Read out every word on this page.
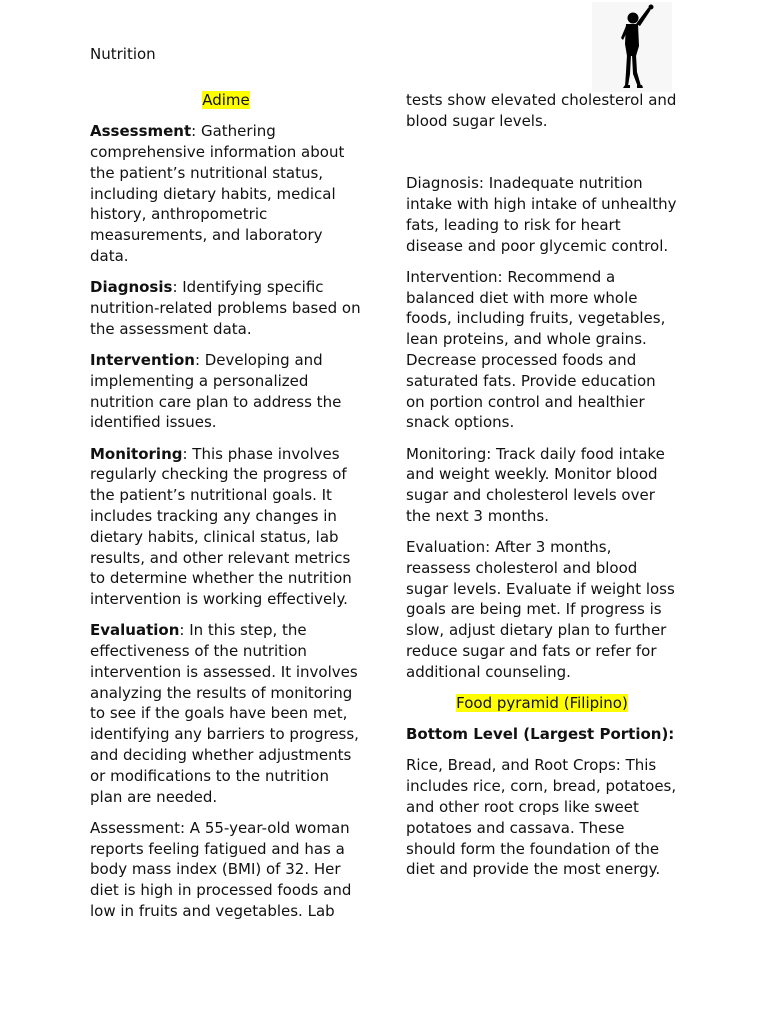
Nutrition

Adime

Assessment: Gathering comprehensive information about the patient’s nutritional status, including dietary habits, medical history, anthropometric measurements, and laboratory data.

Diagnosis: Identifying specific nutrition-related problems based on the assessment data.

Intervention: Developing and implementing a personalized nutrition care plan to address the identified issues.

Monitoring: This phase involves regularly checking the progress of the patient’s nutritional goals. It includes tracking any changes in dietary habits, clinical status, lab results, and other relevant metrics to determine whether the nutrition intervention is working effectively.

Evaluation: In this step, the effectiveness of the nutrition intervention is assessed. It involves analyzing the results of monitoring to see if the goals have been met, identifying any barriers to progress, and deciding whether adjustments or modifications to the nutrition plan are needed.

Assessment: A 55-year-old woman reports feeling fatigued and has a body mass index (BMI) of 32. Her diet is high in processed foods and low in fruits and vegetables. Lab

tests show elevated cholesterol and blood sugar levels.

Diagnosis: Inadequate nutrition intake with high intake of unhealthy fats, leading to risk for heart disease and poor glycemic control.

Intervention: Recommend a balanced diet with more whole foods, including fruits, vegetables, lean proteins, and whole grains. Decrease processed foods and saturated fats. Provide education on portion control and healthier snack options.

Monitoring: Track daily food intake and weight weekly. Monitor blood sugar and cholesterol levels over the next 3 months.

Evaluation: After 3 months, reassess cholesterol and blood sugar levels. Evaluate if weight loss goals are being met. If progress is slow, adjust dietary plan to further reduce sugar and fats or refer for additional counseling.

Food pyramid (Filipino)

Bottom Level (Largest Portion):

Rice, Bread, and Root Crops: This includes rice, corn, bread, potatoes, and other root crops like sweet potatoes and cassava. These should form the foundation of the diet and provide the most energy.
